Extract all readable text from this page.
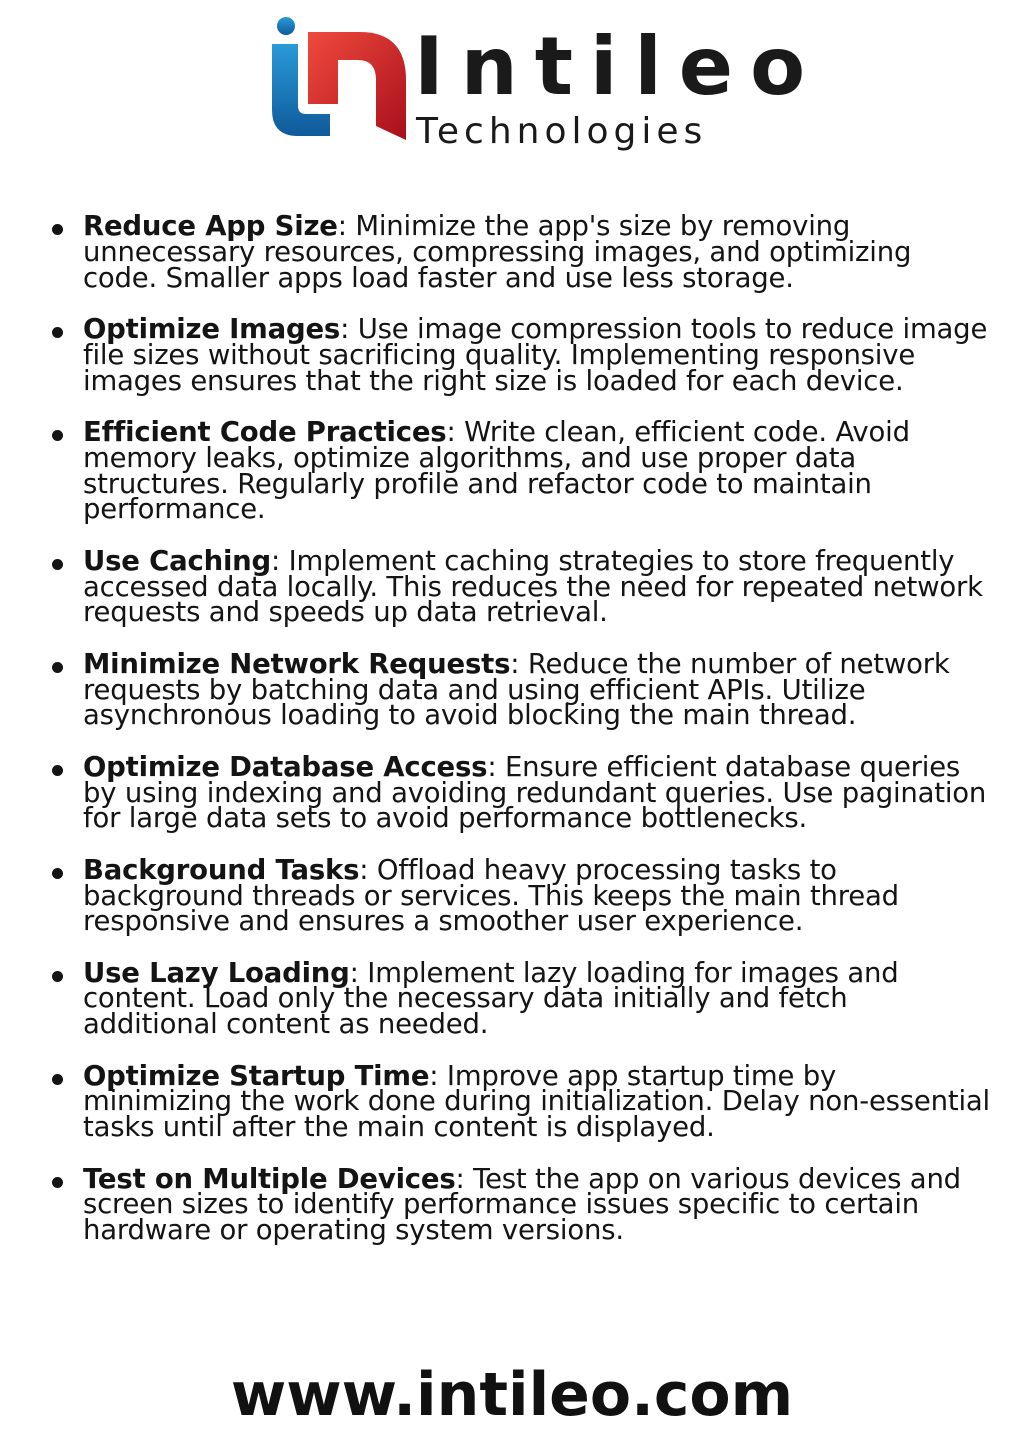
Intileo
Technologies
Reduce App Size: Minimize the app's size by removing unnecessary resources, compressing images, and optimizing code. Smaller apps load faster and use less storage.
Optimize Images: Use image compression tools to reduce image file sizes without sacrificing quality. Implementing responsive images ensures that the right size is loaded for each device.
Efficient Code Practices: Write clean, efficient code. Avoid memory leaks, optimize algorithms, and use proper data structures. Regularly profile and refactor code to maintain performance.
Use Caching: Implement caching strategies to store frequently accessed data locally. This reduces the need for repeated network requests and speeds up data retrieval.
Minimize Network Requests: Reduce the number of network requests by batching data and using efficient APIs. Utilize asynchronous loading to avoid blocking the main thread.
Optimize Database Access: Ensure efficient database queries by using indexing and avoiding redundant queries. Use pagination for large data sets to avoid performance bottlenecks.
Background Tasks: Offload heavy processing tasks to background threads or services. This keeps the main thread responsive and ensures a smoother user experience.
Use Lazy Loading: Implement lazy loading for images and content. Load only the necessary data initially and fetch additional content as needed.
Optimize Startup Time: Improve app startup time by minimizing the work done during initialization. Delay non-essential tasks until after the main content is displayed.
Test on Multiple Devices: Test the app on various devices and screen sizes to identify performance issues specific to certain hardware or operating system versions.
www.intileo.com
